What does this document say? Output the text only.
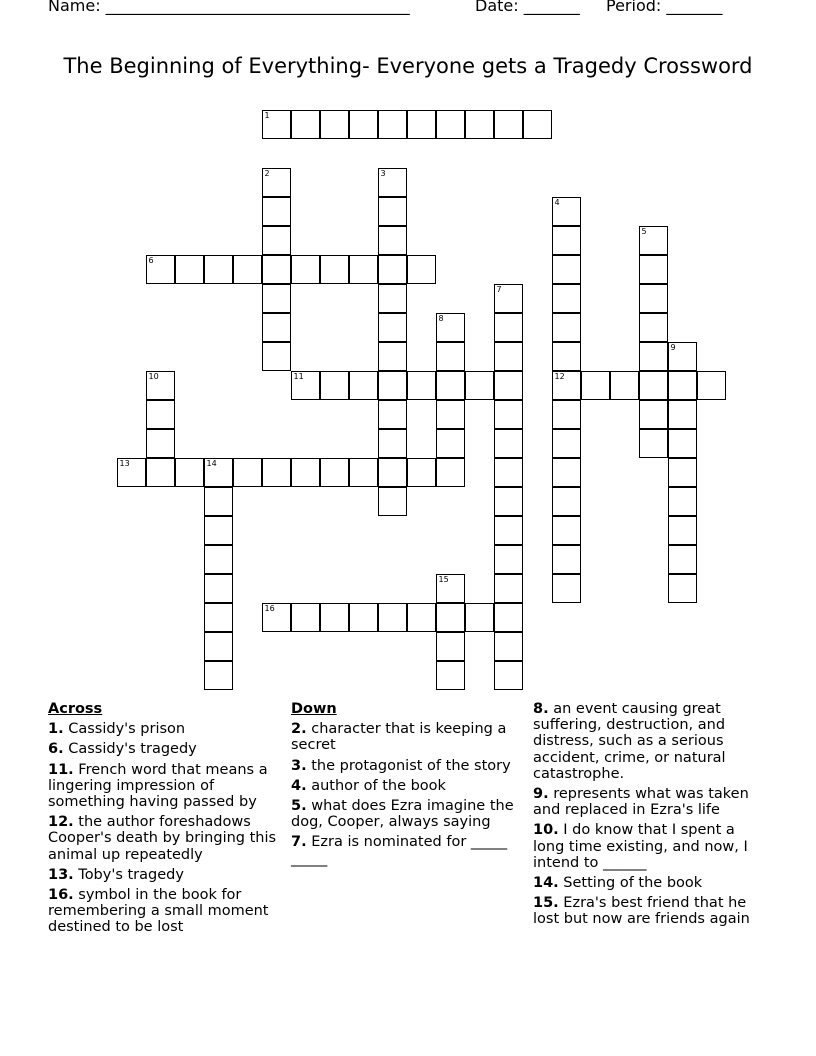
Name: ______________________________________	Date: _______ Period: _______
The Beginning of Everything- Everyone gets a Tragedy Crossword
1
2	3
4
12
5
6
7
8
9
10	11
13	14
15
16
Across
1. Cassidy's prison
6. Cassidy's tragedy
11. French word that means a lingering impression of something having passed by
12. the author foreshadows Cooper's death by bringing this animal up repeatedly
13. Toby's tragedy
16. symbol in the book for remembering a small moment destined to be lost
Down
2. character that is keeping a secret
3. the protagonist of the story
4. author of the book
5. what does Ezra imagine the dog, Cooper, always saying
7. Ezra is nominated for _____ _____
8. an event causing great suffering, destruction, and distress, such as a serious accident, crime, or natural catastrophe.
9. represents what was taken and replaced in Ezra's life
10. I do know that I spent a long time existing, and now, I intend to ______
14. Setting of the book
15. Ezra's best friend that he lost but now are friends again
